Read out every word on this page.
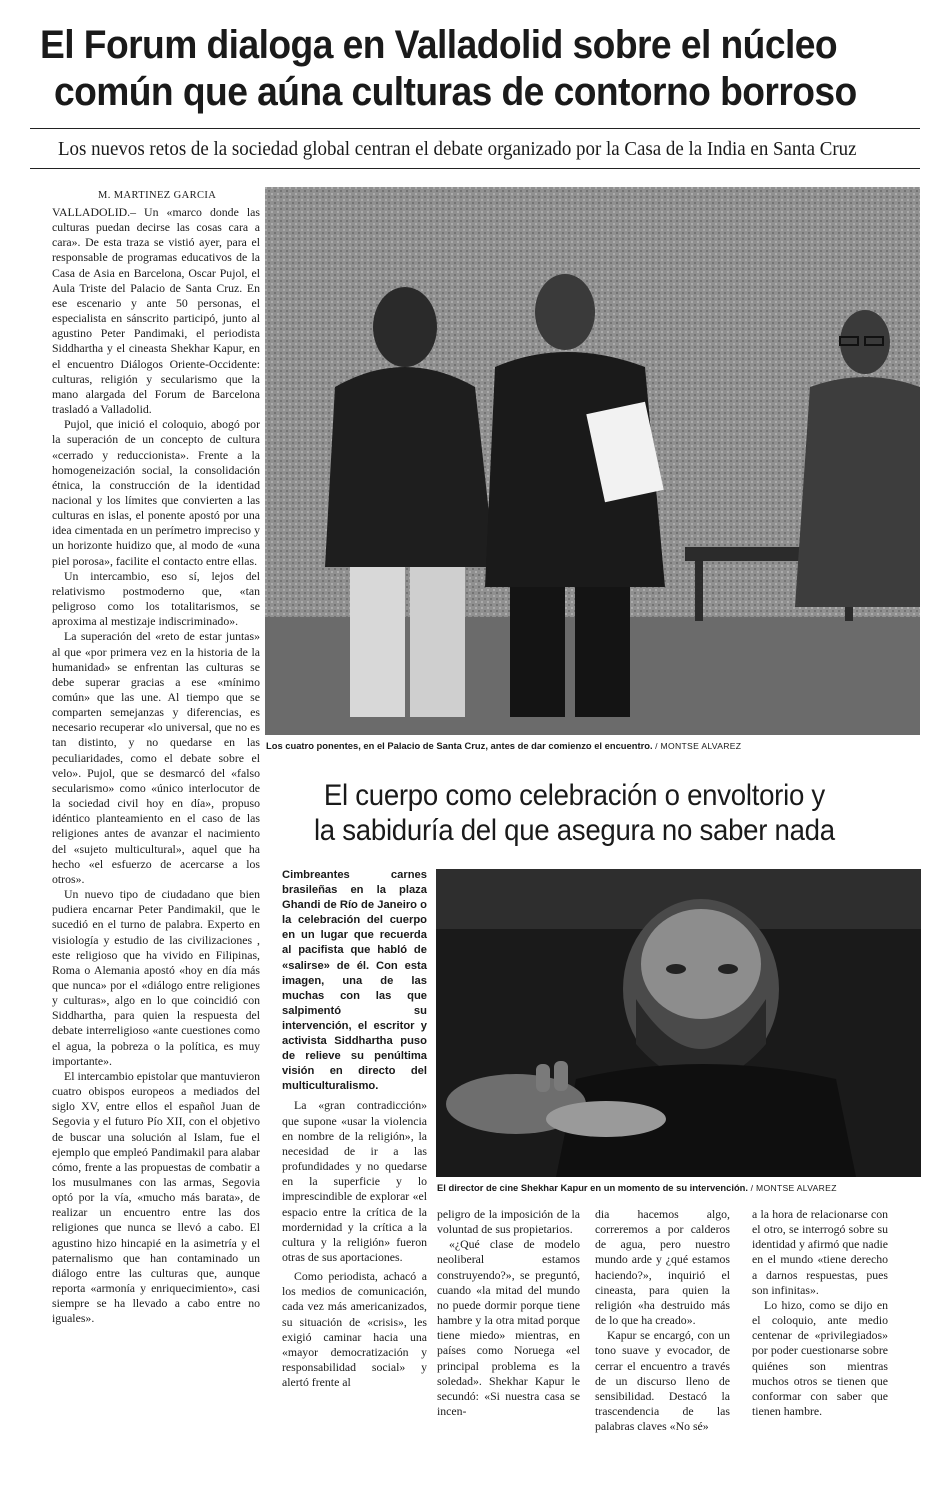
El Forum dialoga en Valladolid sobre el núcleo
común que aúna culturas de contorno borroso
Los nuevos retos de la sociedad global centran el debate organizado por la Casa de la India en Santa Cruz
M. MARTINEZ GARCIA

VALLADOLID.– Un «marco donde las culturas puedan decirse las cosas cara a cara». De esta traza se vistió ayer, para el responsable de programas educativos de la Casa de Asia en Barcelona, Oscar Pujol, el Aula Triste del Palacio de Santa Cruz. En ese escenario y ante 50 personas, el especialista en sánscrito participó, junto al agustino Peter Pandimaki, el periodista Siddhartha y el cineasta Shekhar Kapur, en el encuentro Diálogos Oriente-Occidente: culturas, religión y secularismo que la mano alargada del Forum de Barcelona trasladó a Valladolid.

Pujol, que inició el coloquio, abogó por la superación de un concepto de cultura «cerrado y reduccionista». Frente a la homogeneización social, la consolidación étnica, la construcción de la identidad nacional y los límites que convierten a las culturas en islas, el ponente apostó por una idea cimentada en un perímetro impreciso y un horizonte huidizo que, al modo de «una piel porosa», facilite el contacto entre ellas.

Un intercambio, eso sí, lejos del relativismo postmoderno que, «tan peligroso como los totalitarismos, se aproxima al mestizaje indiscriminado».

La superación del «reto de estar juntas» al que «por primera vez en la historia de la humanidad» se enfrentan las culturas se debe superar gracias a ese «mínimo común» que las une. Al tiempo que se comparten semejanzas y diferencias, es necesario recuperar «lo universal, que no es tan distinto, y no quedarse en las peculiaridades, como el debate sobre el velo». Pujol, que se desmarcó del «falso secularismo» como «único interlocutor de la sociedad civil hoy en día», propuso idéntico planteamiento en el caso de las religiones antes de avanzar el nacimiento del «sujeto multicultural», aquel que ha hecho «el esfuerzo de acercarse a los otros».

Un nuevo tipo de ciudadano que bien pudiera encarnar Peter Pandimakil, que le sucedió en el turno de palabra. Experto en visiología y estudio de las civilizaciones , este religioso que ha vivido en Filipinas, Roma o Alemania apostó «hoy en día más que nunca» por el «diálogo entre religiones y culturas», algo en lo que coincidió con Siddhartha, para quien la respuesta del debate interreligioso «ante cuestiones como el agua, la pobreza o la política, es muy importante».

El intercambio epistolar que mantuvieron cuatro obispos europeos a mediados del siglo XV, entre ellos el español Juan de Segovia y el futuro Pío XII, con el objetivo de buscar una solución al Islam, fue el ejemplo que empleó Pandimakil para alabar cómo, frente a las propuestas de combatir a los musulmanes con las armas, Segovia optó por la vía, «mucho más barata», de realizar un encuentro entre las dos religiones que nunca se llevó a cabo. El agustino hizo hincapié en la asimetría y el paternalismo que han contaminado un diálogo entre las culturas que, aunque reporta «armonía y enriquecimiento», casi siempre se ha llevado a cabo entre no iguales».

Los cuatro ponentes, en el Palacio de Santa Cruz, antes de dar comienzo el encuentro. / MONTSE ALVAREZ
El cuerpo como celebración o envoltorio y
la sabiduría del que asegura no saber nada

Cimbreantes carnes brasileñas en la plaza Ghandi de Río de Janeiro o la celebración del cuerpo en un lugar que recuerda al pacifista que habló de «salirse» de él. Con esta imagen, una de las muchas con las que salpimentó su intervención, el escritor y activista Siddhartha puso de relieve su penúltima visión en directo del multiculturalismo.

La «gran contradicción» que supone «usar la violencia en nombre de la religión», la necesidad de ir a las profundidades y no quedarse en la superficie y lo imprescindible de explorar «el espacio entre la crítica de la mordernidad y la crítica a la cultura y la religión» fueron otras de sus aportaciones.

Como periodista, achacó a los medios de comunicación, cada vez más americanizados, su situación de «crisis», les exigió caminar hacia una «mayor democratización y responsabilidad social» y alertó frente al

El director de cine Shekhar Kapur en un momento de su intervención. / MONTSE ALVAREZ

peligro de la imposición de la voluntad de sus propietarios.

«¿Qué clase de modelo neoliberal estamos construyendo?», se preguntó, cuando «la mitad del mundo no puede dormir porque tiene hambre y la otra mitad porque tiene miedo» mientras, en países como Noruega «el principal problema es la soledad». Shekhar Kapur le secundó: «Si nuestra casa se incen-

dia hacemos algo, correremos a por calderos de agua, pero nuestro mundo arde y ¿qué estamos haciendo?», inquirió el cineasta, para quien la religión «ha destruido más de lo que ha creado».

Kapur se encargó, con un tono suave y evocador, de cerrar el encuentro a través de un discurso lleno de sensibilidad. Destacó la trascendencia de las palabras claves «No sé»

a la hora de relacionarse con el otro, se interrogó sobre su identidad y afirmó que nadie en el mundo «tiene derecho a darnos respuestas, pues son infinitas».

Lo hizo, como se dijo en el coloquio, ante medio centenar de «privilegiados» por poder cuestionarse sobre quiénes son mientras muchos otros se tienen que conformar con saber que tienen hambre.
